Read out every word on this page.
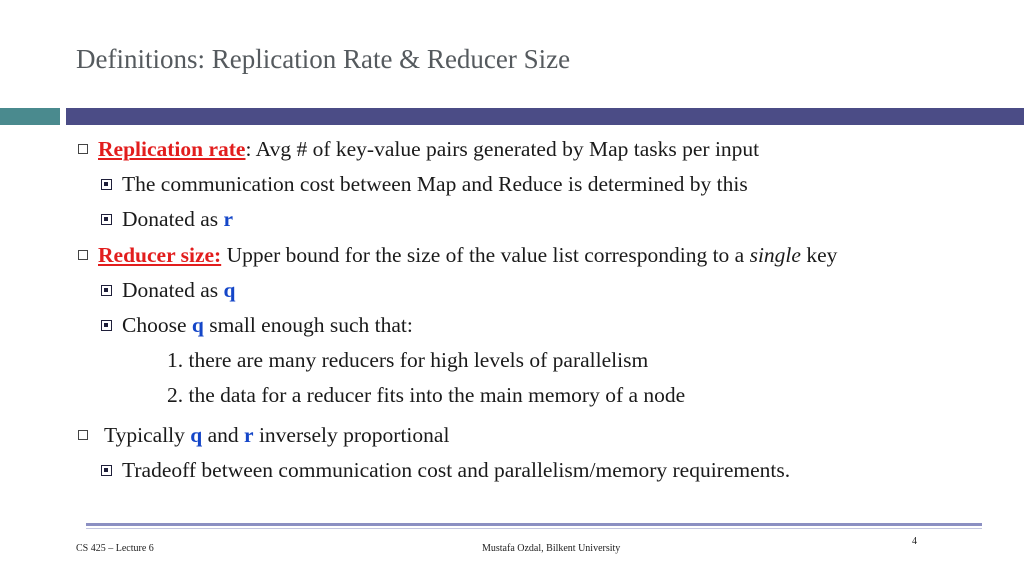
Definitions: Replication Rate & Reducer Size
Replication rate: Avg # of key-value pairs generated by Map tasks per input
The communication cost between Map and Reduce is determined by this
Donated as r
Reducer size: Upper bound for the size of the value list corresponding to a single key
Donated as q
Choose q small enough such that:
1. there are many reducers for high levels of parallelism
2. the data for a reducer fits into the main memory of a node
Typically q and r inversely proportional
Tradeoff between communication cost and parallelism/memory requirements.
CS 425 – Lecture 6	Mustafa Ozdal, Bilkent University
4
